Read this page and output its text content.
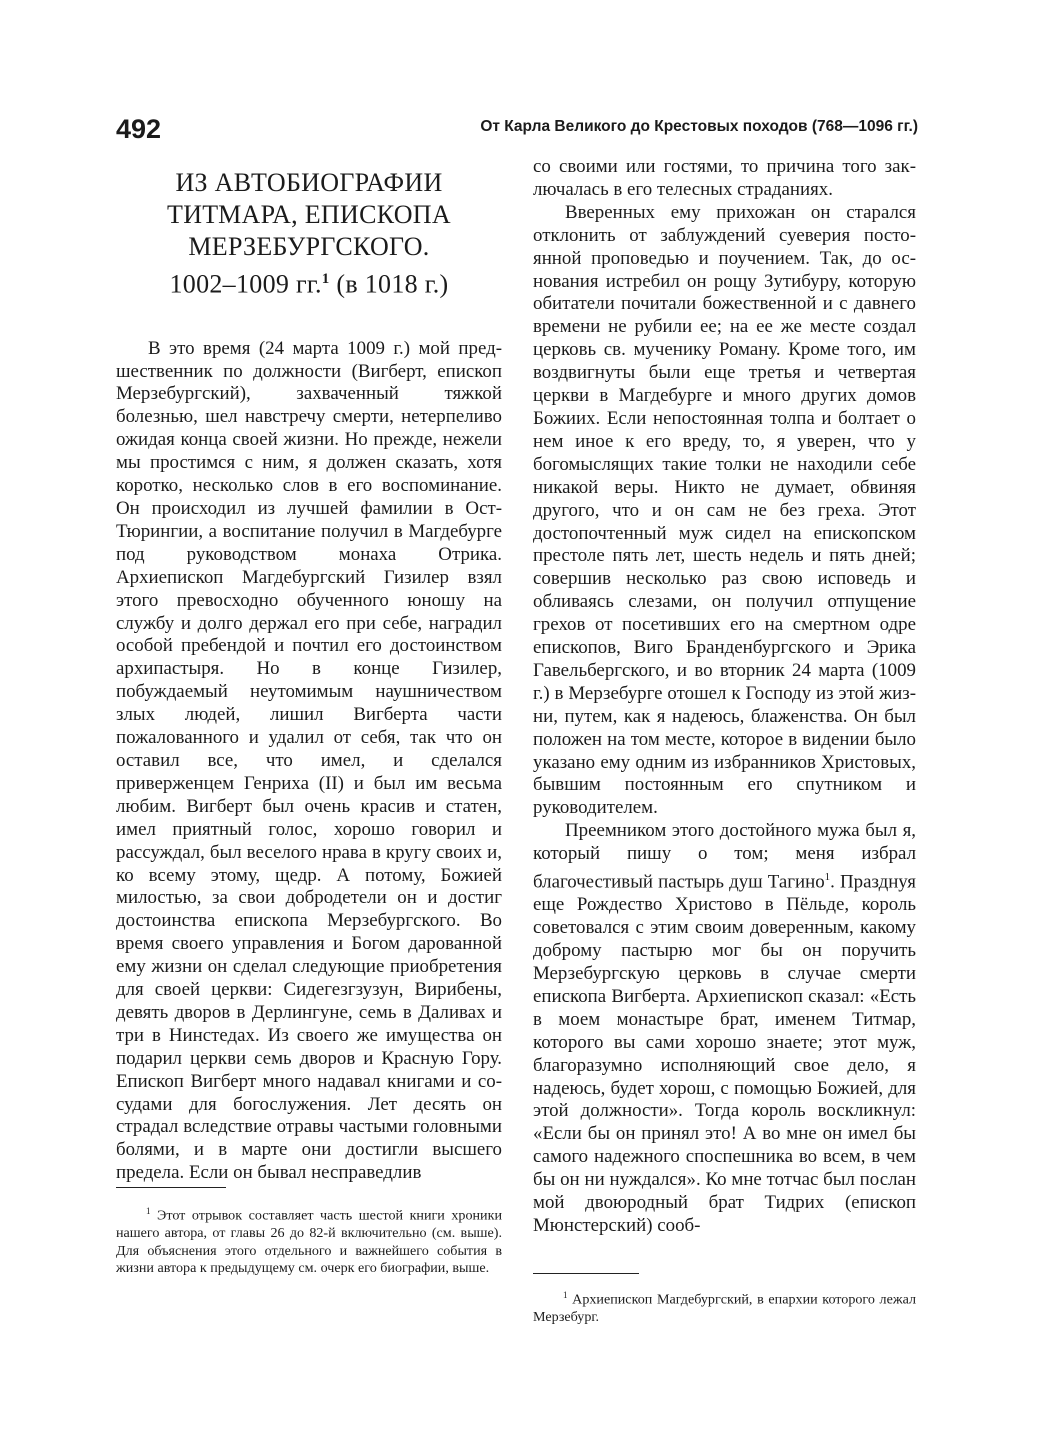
492	От Карла Великого до Крестовых походов (768—1096 гг.)
ИЗ АВТОБИОГРАФИИ
ТИТМАРА, ЕПИСКОПА
МЕРЗЕБУРГСКОГО.
1002–1009 гг.$^1$ (в 1018 г.)

В это время (24 марта 1009 г.) мой предшественник по должности (Вигберт, епископ Мерзебургский), захваченный тяжкой болезнью, шел навстречу смерти, нетерпеливо ожидая конца своей жизни. Но прежде, нежели мы простимся с ним, я должен сказать, хотя коротко, несколько слов в его воспоминание. Он происходил из лучшей фамилии в Ост-Тюрингии, а воспитание получил в Магдебурге под руководством монаха Отрика. Архиепископ Магдебургский Гизилер взял этого превосходно обученного юношу на службу и долго держал его при себе, наградил особой пребендой и почтил его достоинством архипастыря. Но в конце Гизилер, побуждаемый неутомимым наушничеством злых людей, лишил Вигберта части пожалованного и удалил от себя, так что он оставил все, что имел, и сделался приверженцем Генриха (II) и был им весьма любим. Вигберт был очень красив и статен, имел приятный голос, хорошо говорил и рассуждал, был веселого нрава в кругу своих и, ко всему этому, щедр. А потому, Божией милостью, за свои добродетели он и достиг достоинства епископа Мерзебургского. Во время своего управления и Богом дарованной ему жизни он сделал следующие приобретения для своей церкви: Сидегезгзузун, Вирибены, девять дворов в Дерлингуне, семь в Даливах и три в Нинстедах. Из своего же имущества он подарил церкви семь дворов и Красную Гору. Епископ Вигберт много надавал книгами и сосудами для богослужения. Лет десять он страдал вследствие отравы частыми головными болями, и в марте они достигли высшего предела. Если он бывал несправедлив

со своими или гостями, то причина того заключалась в его телесных страданиях.

Вверенных ему прихожан он старался отклонить от заблуждений суеверия постоянной проповедью и поучением. Так, до основания истребил он рощу Зутибуру, которую обитатели почитали божественной и с давнего времени не рубили ее; на ее же месте создал церковь св. мученику Роману. Кроме того, им воздвигнуты были еще третья и четвертая церкви в Магдебурге и много других домов Божиих. Если непостоянная толпа и болтает о нем иное к его вреду, то, я уверен, что у богомыслящих такие толки не находили себе никакой веры. Никто не думает, обвиняя другого, что и он сам не без греха. Этот достопочтенный муж сидел на епископском престоле пять лет, шесть недель и пять дней; совершив несколько раз свою исповедь и обливаясь слезами, он получил отпущение грехов от посетивших его на смертном одре епископов, Виго Бранденбургского и Эрика Гавельбергского, и во вторник 24 марта (1009 г.) в Мерзебурге отошел к Господу из этой жизни, путем, как я надеюсь, блаженства. Он был положен на том месте, которое в видении было указано ему одним из избранников Христовых, бывшим постоянным его спутником и руководителем.

Преемником этого достойного мужа был я, который пишу о том; меня избрал благочестивый пастырь душ Тагино$^1$. Празднуя еще Рождество Христово в Пёльде, король советовался с этим своим доверенным, какому доброму пастырю мог бы он поручить Мерзебургскую церковь в случае смерти епископа Вигберта. Архиепископ сказал: «Есть в моем монастыре брат, именем Титмар, которого вы сами хорошо знаете; этот муж, благоразумно исполняющий свое дело, я надеюсь, будет хорош, с помощью Божией, для этой должности». Тогда король воскликнул: «Если бы он принял это! А во мне он имел бы самого надежного споспешника во всем, в чем бы он ни нуждался». Ко мне тотчас был послан мой двоюродный брат Тидрих (епископ Мюнстерский) сооб-

$^1$ Этот отрывок составляет часть шестой книги хроники нашего автора, от главы 26 до 82-й включительно (см. выше). Для объяснения этого отдельного и важнейшего события в жизни автора к предыдущему см. очерк его биографии, выше.

$^1$ Архиепископ Магдебургский, в епархии которого лежал Мерзебург.
